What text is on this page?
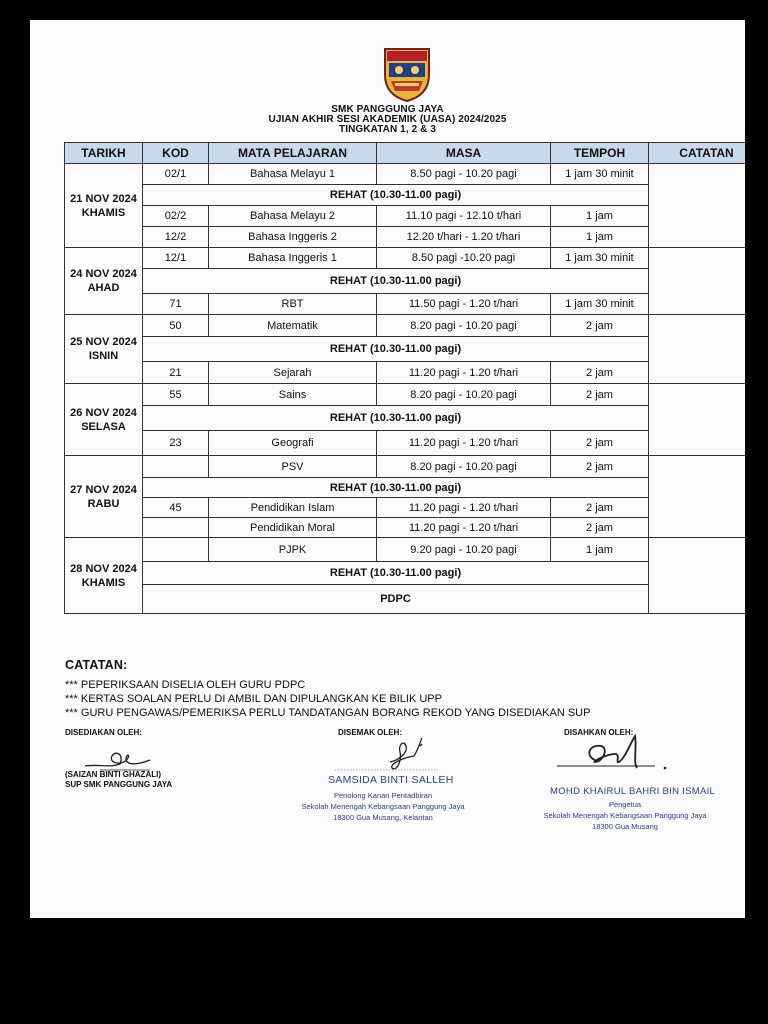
SMK PANGGUNG JAYA
UJIAN AKHIR SESI AKADEMIK (UASA) 2024/2025
TINGKATAN 1, 2 & 3
TARIKH	KOD	MATA PELAJARAN	MASA	TEMPOH	CATATAN

21 NOV 2024
KHAMIS	02/1	Bahasa Melayu 1	8.50 pagi - 10.20 pagi	1 jam 30 minit	
	REHAT (10.30-11.00 pagi)				
	02/2	Bahasa Melayu 2	11.10 pagi - 12.10 t/hari	1 jam	
	12/2	Bahasa Inggeris 2	12.20 t/hari - 1.20 t/hari	1 jam	

24 NOV 2024
AHAD	12/1	Bahasa Inggeris 1	8.50 pagi -10.20 pagi	1 jam 30 minit	
	REHAT (10.30-11.00 pagi)				
	71	RBT	11.50 pagi - 1.20 t/hari	1 jam 30 minit	

25 NOV 2024
ISNIN	50	Matematik	8.20 pagi - 10.20 pagi	2 jam	
	REHAT (10.30-11.00 pagi)				
	21	Sejarah	11.20 pagi - 1.20 t/hari	2 jam	

26 NOV 2024
SELASA	55	Sains	8.20 pagi - 10.20 pagi	2 jam	
	REHAT (10.30-11.00 pagi)				
	23	Geografi	11.20 pagi - 1.20 t/hari	2 jam	

27 NOV 2024
RABU		PSV	8.20 pagi - 10.20 pagi	2 jam	
	REHAT (10.30-11.00 pagi)				
	45	Pendidikan Islam	11.20 pagi - 1.20 t/hari	2 jam	
		Pendidikan Moral	11.20 pagi - 1.20 t/hari	2 jam	

28 NOV 2024
KHAMIS		PJPK	9.20 pagi - 10.20 pagi	1 jam	
	REHAT (10.30-11.00 pagi)				
	PDPC				
CATATAN:
*** PEPERIKSAAN DISELIA OLEH GURU PDPC
*** KERTAS SOALAN PERLU DI AMBIL DAN DIPULANGKAN KE BILIK UPP
*** GURU PENGAWAS/PEMERIKSA PERLU TANDATANGAN BORANG REKOD YANG DISEDIAKAN SUP
DISEDIAKAN OLEH:
(SAIZAN BINTI GHAZALI)
SUP SMK PANGGUNG JAYA
DISEMAK OLEH:
SAMSIDA BINTI SALLEH
Penolong Kanan Pentadbiran
Sekolah Menengah Kebangsaan Panggung Jaya
18300 Gua Musang, Kelantan
DISAHKAN OLEH:
MOHD KHAIRUL BAHRI BIN ISMAIL
Pengetua
Sekolah Menengah Kebangsaan Panggung Jaya
18300 Gua Musang
